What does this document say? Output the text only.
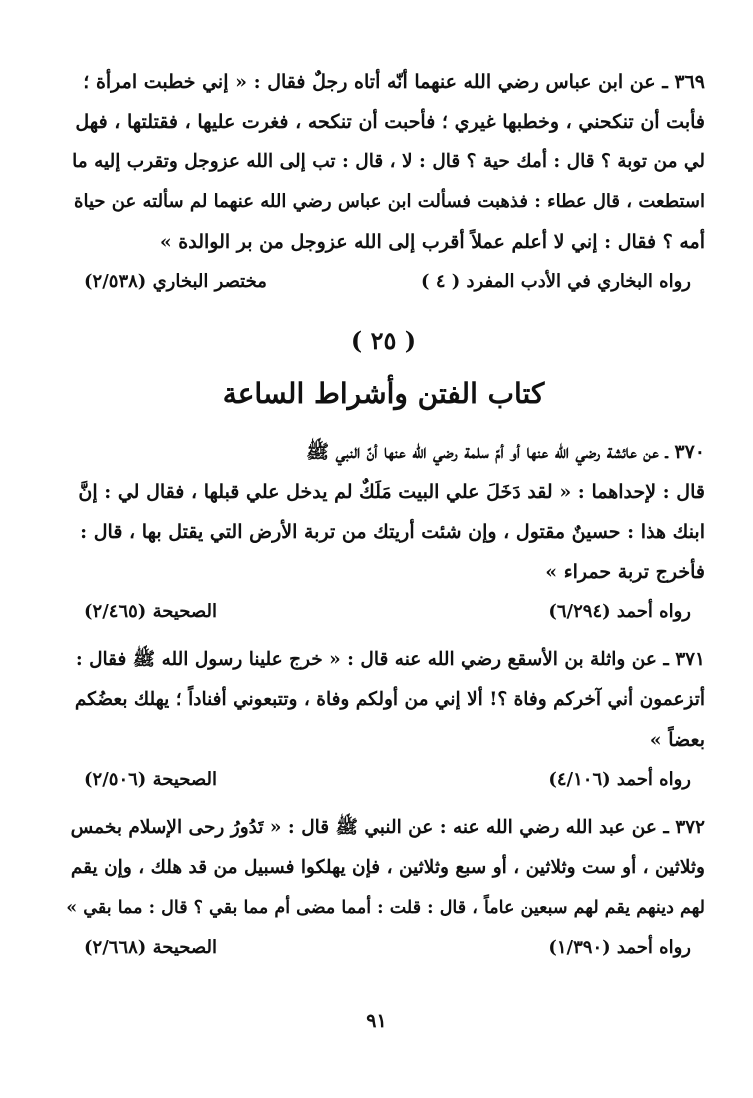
٣٦٩ ـ عن ابن عباس رضي الله عنهما أنّه أتاه رجلٌ فقال : « إني خطبت امرأة ؛
فأبت أن تنكحني ، وخطبها غيري ؛ فأحبت أن تنكحه ، فغرت عليها ، فقتلتها ، فهل
لي من توبة ؟ قال : أمك حية ؟ قال : لا ، قال : تب إلى الله عزوجل وتقرب إليه ما
استطعت ، قال عطاء : فذهبت فسألت ابن عباس رضي الله عنهما لم سألته عن حياة
أمه ؟ فقال : إني لا أعلم عملاً أقرب إلى الله عزوجل من بر الوالدة »
رواه البخاري في الأدب المفرد ( ٤ )
مختصر البخاري (٢/٥٣٨)
( ٢٥ )
كتاب الفتن وأشراط الساعة
٣٧٠ ـ عن عائشة رضي الله عنها أو أمّ سلمة رضي الله عنها أنّ النبي ﷺ
قال : لإحداهما : « لقد دَخَلَ علي البيت مَلَكٌ لم يدخل علي قبلها ، فقال لي : إنَّ
ابنك هذا : حسينٌ مقتول ، وإن شئت أريتك من تربة الأرض التي يقتل بها ، قال :
فأخرج تربة حمراء »
رواه أحمد (٦/٢٩٤)
الصحيحة (٢/٤٦٥)
٣٧١ ـ عن واثلة بن الأسقع رضي الله عنه قال : « خرج علينا رسول الله ﷺ فقال :
أتزعمون أني آخركم وفاة ؟! ألا إني من أولكم وفاة ، وتتبعوني أفناداً ؛ يهلك بعضُكم
بعضاً »
رواه أحمد (٤/١٠٦)
الصحيحة (٢/٥٠٦)
٣٧٢ ـ عن عبد الله رضي الله عنه : عن النبي ﷺ قال : « تَدُورُ رحى الإسلام بخمس
وثلاثين ، أو ست وثلاثين ، أو سبع وثلاثين ، فإن يهلكوا فسبيل من قد هلك ، وإن يقم
لهم دينهم يقم لهم سبعين عاماً ، قال : قلت : أمما مضى أم مما بقي ؟ قال : مما بقي »
رواه أحمد (١/٣٩٠)
الصحيحة (٢/٦٦٨)
٩١
